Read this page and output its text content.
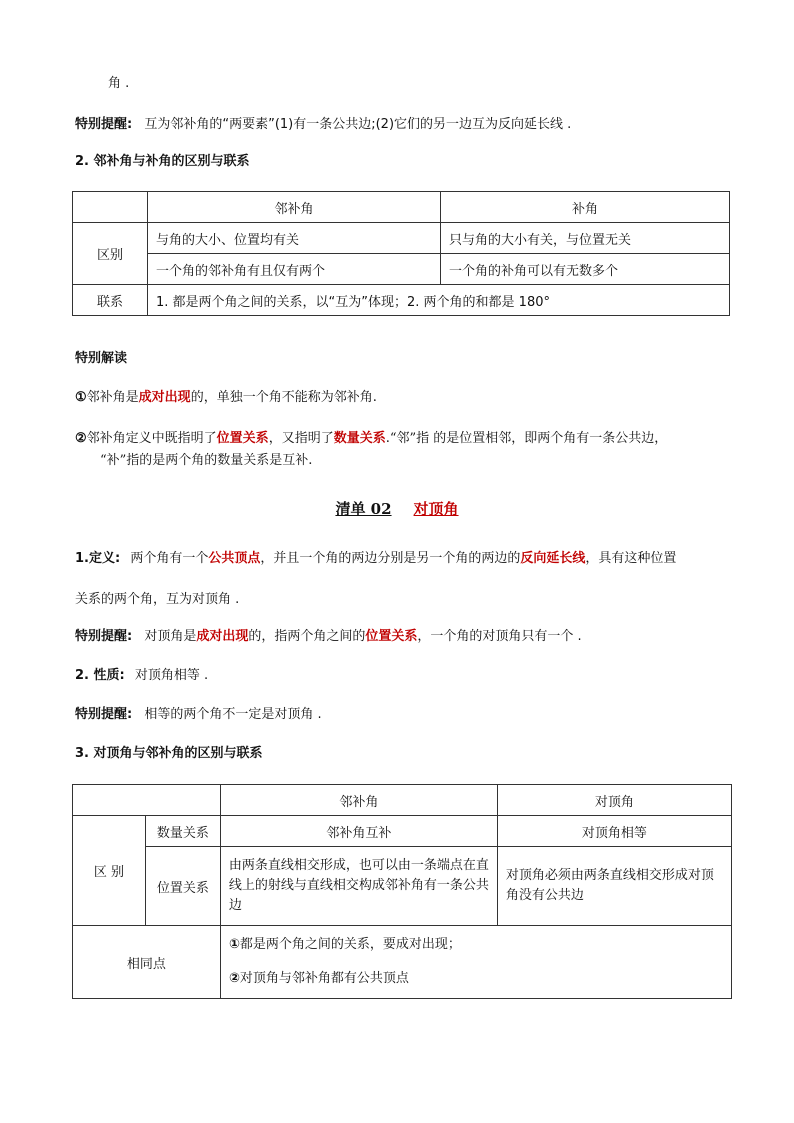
角 .
特别提醒: 互为邻补角的“两要素”(1)有一条公共边;(2)它们的另一边互为反向延长线 .
2. 邻补角与补角的区别与联系
	邻补角	补角
区别	与角的大小、位置均有关	只与角的大小有关，与位置无关
	一个角的邻补角有且仅有两个	一个角的补角可以有无数多个
联系	1. 都是两个角之间的关系，以“互为”体现；2. 两个角的和都是 180°	
特别解读
①邻补角是成对出现的，单独一个角不能称为邻补角.
②邻补角定义中既指明了位置关系，又指明了数量关系.“邻”指 的是位置相邻，即两个角有一条公共边，
“补”指的是两个角的数量关系是互补.
清单 02 对顶角
1.定义: 两个角有一个公共顶点，并且一个角的两边分别是另一个角的两边的反向延长线，具有这种位置
关系的两个角，互为对顶角 .
特别提醒: 对顶角是成对出现的，指两个角之间的位置关系，一个角的对顶角只有一个 .
2. 性质: 对顶角相等 .
特别提醒: 相等的两个角不一定是对顶角 .
3. 对顶角与邻补角的区别与联系
		邻补角	对顶角
区 别	数量关系	邻补角互补	对顶角相等
	位置关系	由两条直线相交形成，也可以由一条端点在直线上的射线与直线相交构成邻补角有一条公共边	对顶角必须由两条直线相交形成对顶角没有公共边
相同点		①都是两个角之间的关系，要成对出现；
②对顶角与邻补角都有公共顶点	
